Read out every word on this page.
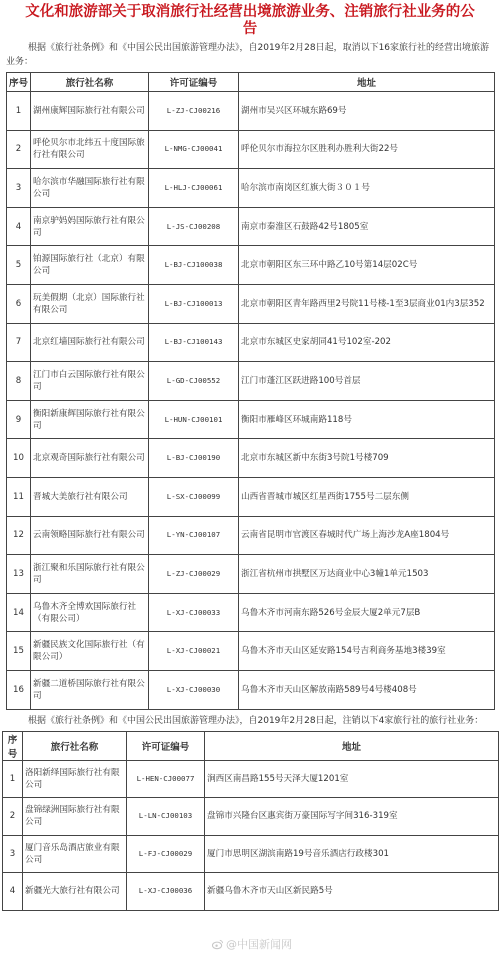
文化和旅游部关于取消旅行社经营出境旅游业务、注销旅行社业务的公告

根据《旅行社条例》和《中国公民出国旅游管理办法》，自2019年2月28日起，取消以下16家旅行社的经营出境旅游业务：

序号	旅行社名称	许可证编号	地址
1	湖州康辉国际旅行社有限公司	L-ZJ-CJ00216	湖州市吴兴区环城东路69号
2	呼伦贝尔市北纬五十度国际旅行社有限公司	L-NMG-CJ00041	呼伦贝尔市海拉尔区胜利办胜利大街22号
3	哈尔滨市华融国际旅行社有限公司	L-HLJ-CJ00061	哈尔滨市南岗区红旗大街３０１号
4	南京驴妈妈国际旅行社有限公司	L-JS-CJ00208	南京市秦淮区石鼓路42号1805室
5	铂源国际旅行社（北京）有限公司	L-BJ-CJ100038	北京市朝阳区东三环中路乙10号第14层02C号
6	玩美假期（北京）国际旅行社有限公司	L-BJ-CJ100013	北京市朝阳区青年路西里2号院11号楼-1至3层商业01内3层352
7	北京红墙国际旅行社有限公司	L-BJ-CJ100143	北京市东城区史家胡同41号102室-202
8	江门市白云国际旅行社有限公司	L-GD-CJ00552	江门市蓬江区跃进路100号首层
9	衡阳新康辉国际旅行社有限公司	L-HUN-CJ00101	衡阳市雁峰区环城南路118号
10	北京观奇国际旅行社有限公司	L-BJ-CJ00190	北京市东城区新中东街3号院1号楼709
11	晋城大美旅行社有限公司	L-SX-CJ00099	山西省晋城市城区红星西街1755号二层东侧
12	云南领略国际旅行社有限公司	L-YN-CJ00107	云南省昆明市官渡区春城时代广场上海沙龙A座1804号
13	浙江聚和乐国际旅行社有限公司	L-ZJ-CJ00029	浙江省杭州市拱墅区万达商业中心3幢1单元1503
14	乌鲁木齐全博欢国际旅行社（有限公司）	L-XJ-CJ00033	乌鲁木齐市河南东路526号金辰大厦2单元7层B
15	新疆民族文化国际旅行社（有限公司）	L-XJ-CJ00021	乌鲁木齐市天山区延安路154号吉利商务基地3楼39室
16	新疆二道桥国际旅行社有限公司	L-XJ-CJ00030	乌鲁木齐市天山区解放南路589号4号楼408号

根据《旅行社条例》和《中国公民出国旅游管理办法》，自2019年2月28日起，注销以下4家旅行社的旅行社业务：

序号	旅行社名称	许可证编号	地址
1	洛阳新绎国际旅行社有限公司	L-HEN-CJ00077	涧西区南昌路155号天泽大厦1201室
2	盘锦绿洲国际旅行社有限公司	L-LN-CJ00103	盘锦市兴隆台区惠宾街万豪国际写字间316-319室
3	厦门音乐岛酒店旅业有限公司	L-FJ-CJ00029	厦门市思明区湖滨南路19号音乐酒店行政楼301
4	新疆光大旅行社有限公司	L-XJ-CJ00036	新疆乌鲁木齐市天山区新民路5号
@中国新闻网
